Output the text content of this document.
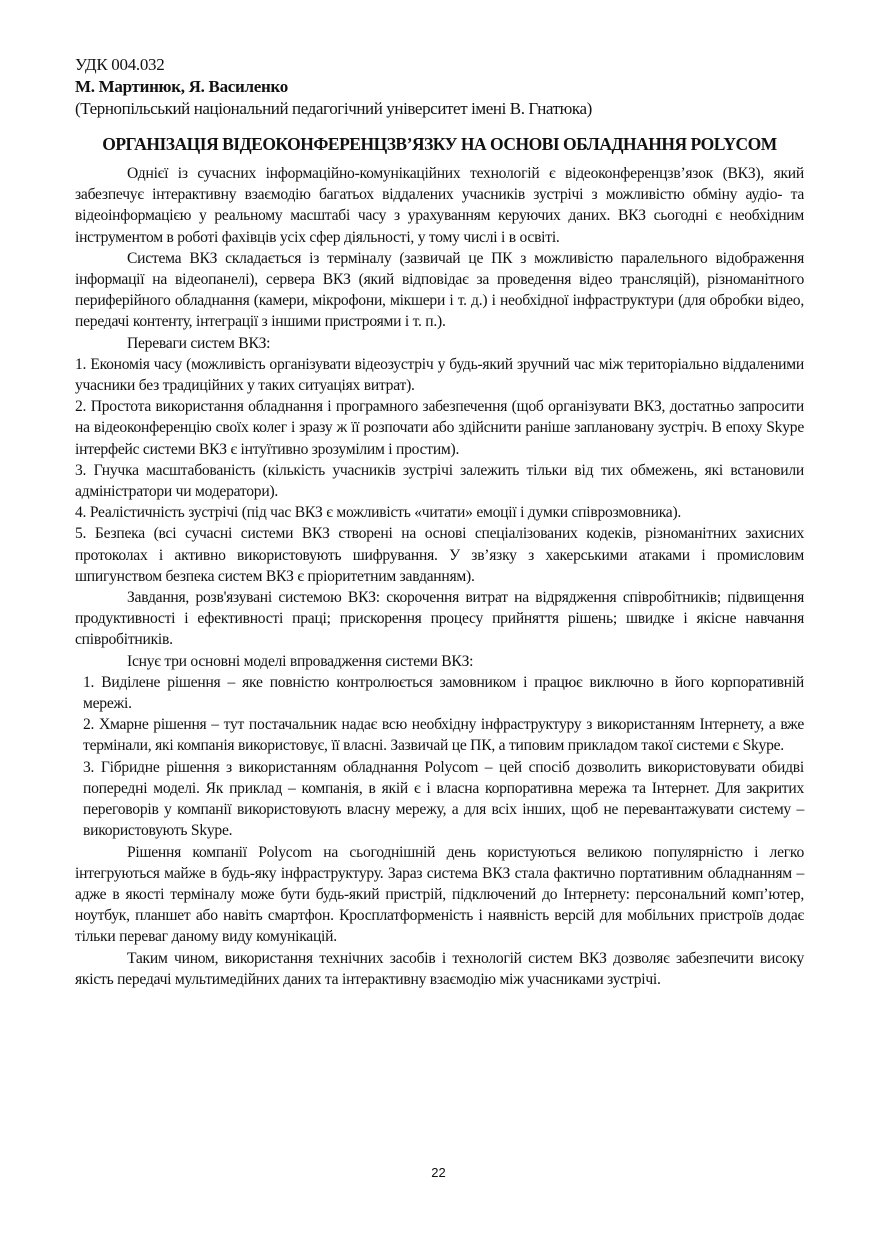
УДК 004.032
М. Мартинюк, Я. Василенко
(Тернопільський національний педагогічний університет імені В. Гнатюка)
ОРГАНІЗАЦІЯ ВІДЕОКОНФЕРЕНЦЗВ’ЯЗКУ НА ОСНОВІ ОБЛАДНАННЯ POLYCOM

Однієї із сучасних інформаційно-комунікаційних технологій є відеоконференцзв’язок (ВКЗ), який забезпечує інтерактивну взаємодію багатьох віддалених учасників зустрічі з можливістю обміну аудіо- та відеоінформацією у реальному масштабі часу з урахуванням керуючих даних. ВКЗ сьогодні є необхідним інструментом в роботі фахівців усіх сфер діяльності, у тому числі і в освіті.

Система ВКЗ складається із терміналу (зазвичай це ПК з можливістю паралельного відображення інформації на відеопанелі), сервера ВКЗ (який відповідає за проведення відео трансляцій), різноманітного периферійного обладнання (камери, мікрофони, мікшери і т. д.) і необхідної інфраструктури (для обробки відео, передачі контенту, інтеграції з іншими пристроями і т. п.).

Переваги систем ВКЗ:

1. Економія часу (можливість організувати відеозустріч у будь-який зручний час між територіально віддаленими учасники без традиційних у таких ситуаціях витрат).

2. Простота використання обладнання і програмного забезпечення (щоб організувати ВКЗ, достатньо запросити на відеоконференцію своїх колег і зразу ж її розпочати або здійснити раніше заплановану зустріч. В епоху Skype інтерфейс системи ВКЗ є інтуїтивно зрозумілим і простим).

3. Гнучка масштабованість (кількість учасників зустрічі залежить тільки від тих обмежень, які встановили адміністратори чи модератори).

4. Реалістичність зустрічі (під час ВКЗ є можливість «читати» емоції і думки співрозмовника).

5. Безпека (всі сучасні системи ВКЗ створені на основі спеціалізованих кодеків, різноманітних захисних протоколах і активно використовують шифрування. У зв’язку з хакерськими атаками і промисловим шпигунством безпека систем ВКЗ є пріоритетним завданням).

Завдання, розв'язувані системою ВКЗ: скорочення витрат на відрядження співробітників; підвищення продуктивності і ефективності праці; прискорення процесу прийняття рішень; швидке і якісне навчання співробітників.

Існує три основні моделі впровадження системи ВКЗ:

1. Виділене рішення – яке повністю контролюється замовником і працює виключно в його корпоративній мережі.

2. Хмарне рішення – тут постачальник надає всю необхідну інфраструктуру з використанням Інтернету, а вже термінали, які компанія використовує, її власні. Зазвичай це ПК, а типовим прикладом такої системи є Skype.

3. Гібридне рішення з використанням обладнання Polycom – цей спосіб дозволить використовувати обидві попередні моделі. Як приклад – компанія, в якій є і власна корпоративна мережа та Інтернет. Для закритих переговорів у компанії використовують власну мережу, а для всіх інших, щоб не перевантажувати систему – використовують Skype.

Рішення компанії Polycom на сьогоднішній день користуються великою популярністю і легко інтегруються майже в будь-яку інфраструктуру. Зараз система ВКЗ стала фактично портативним обладнанням – адже в якості терміналу може бути будь-який пристрій, підключений до Інтернету: персональний комп’ютер, ноутбук, планшет або навіть смартфон. Кросплатформеність і наявність версій для мобільних пристроїв додає тільки переваг даному виду комунікацій.

Таким чином, використання технічних засобів і технологій систем ВКЗ дозволяє забезпечити високу якість передачі мультимедійних даних та інтерактивну взаємодію між учасниками зустрічі.

22
